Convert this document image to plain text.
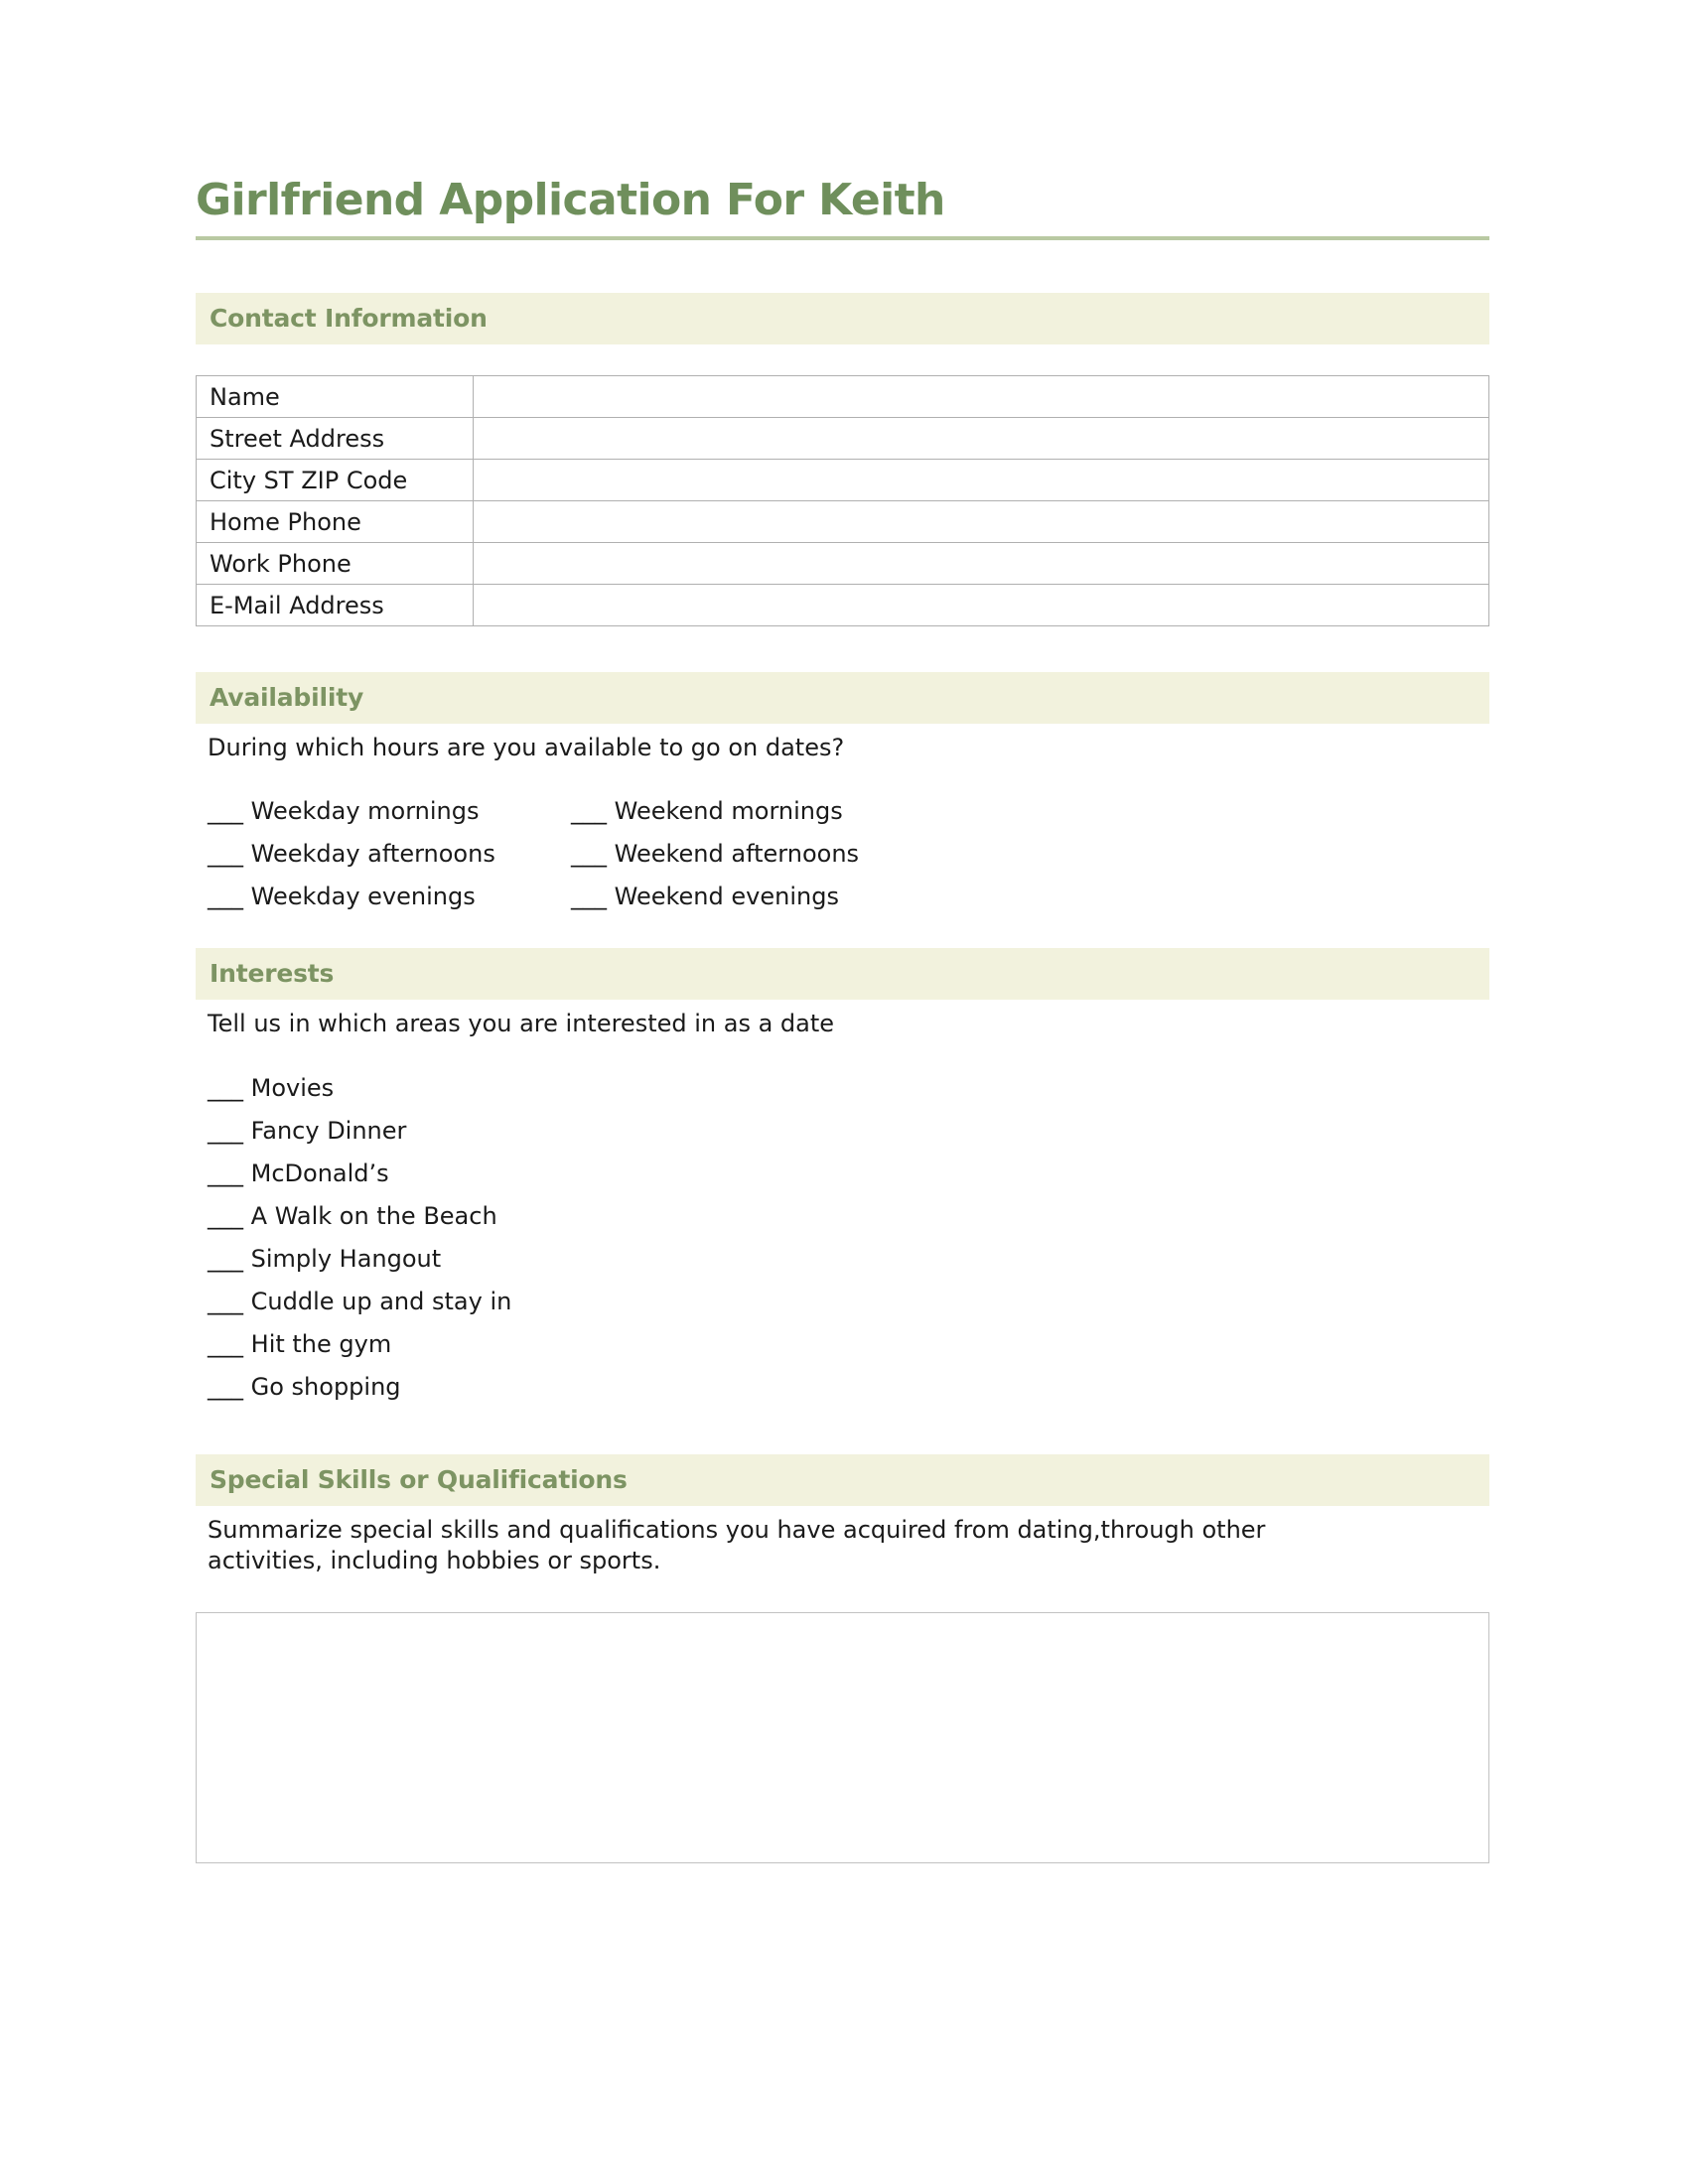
Girlfriend Application For Keith
Contact Information
Name	
Street Address	
City ST ZIP Code	
Home Phone	
Work Phone	
E-Mail Address	
Availability

During which hours are you available to go on dates?

___ Weekday mornings	___ Weekend mornings
___ Weekday afternoons	___ Weekend afternoons
___ Weekday evenings	___ Weekend evenings
Interests

Tell us in which areas you are interested in as a date

___ Movies
___ Fancy Dinner
___ McDonald’s
___ A Walk on the Beach
___ Simply Hangout
___ Cuddle up and stay in
___ Hit the gym
___ Go shopping
Special Skills or Qualifications

Summarize special skills and qualifications you have acquired from dating,through other activities, including hobbies or sports.
